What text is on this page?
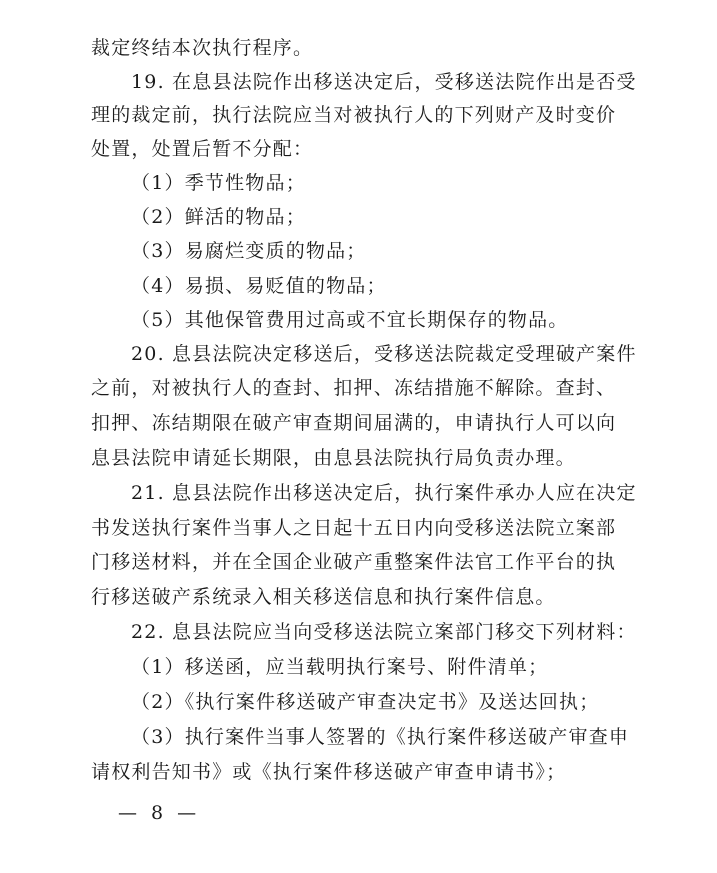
裁定终结本次执行程序。
19. 在息县法院作出移送决定后，受移送法院作出是否受
理的裁定前，执行法院应当对被执行人的下列财产及时变价
处置，处置后暂不分配：
（1）季节性物品；
（2）鲜活的物品；
（3）易腐烂变质的物品；
（4）易损、易贬值的物品；
（5）其他保管费用过高或不宜长期保存的物品。
20. 息县法院决定移送后，受移送法院裁定受理破产案件
之前，对被执行人的查封、扣押、冻结措施不解除。查封、
扣押、冻结期限在破产审查期间届满的，申请执行人可以向
息县法院申请延长期限，由息县法院执行局负责办理。
21. 息县法院作出移送决定后，执行案件承办人应在决定
书发送执行案件当事人之日起十五日内向受移送法院立案部
门移送材料，并在全国企业破产重整案件法官工作平台的执
行移送破产系统录入相关移送信息和执行案件信息。
22. 息县法院应当向受移送法院立案部门移交下列材料：
（1）移送函，应当载明执行案号、附件清单；
（2）《执行案件移送破产审查决定书》及送达回执；
（3）执行案件当事人签署的《执行案件移送破产审查申
请权利告知书》或《执行案件移送破产审查申请书》；
— 8 —
